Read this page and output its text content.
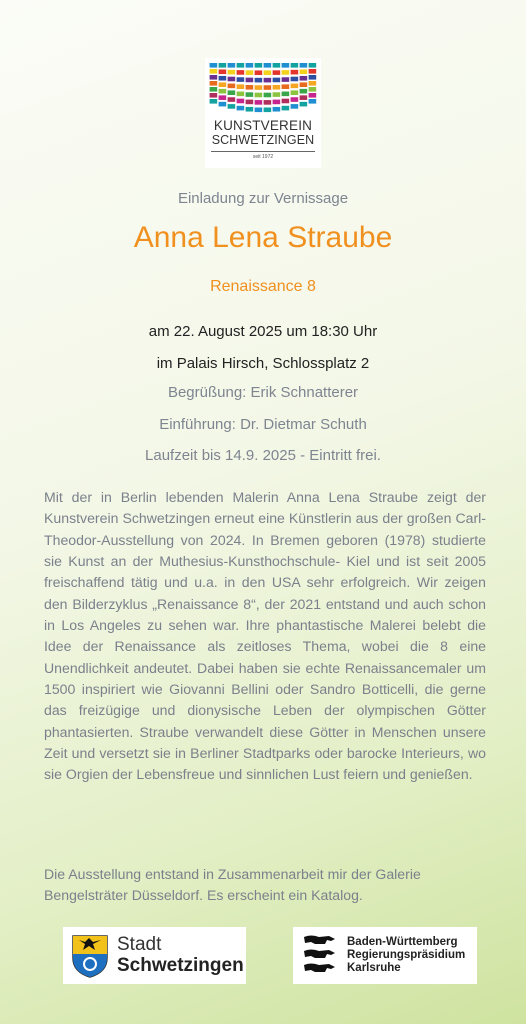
KUNSTVEREIN
SCHWETZINGEN
seit 1972
Einladung zur Vernissage
Anna Lena Straube
Renaissance 8
am 22. August 2025 um 18:30 Uhr
im Palais Hirsch, Schlossplatz 2
Begrüßung: Erik Schnatterer
Einführung: Dr. Dietmar Schuth
Laufzeit bis 14.9. 2025 - Eintritt frei.

Mit der in Berlin lebenden Malerin Anna Lena Straube zeigt der Kunstverein Schwetzingen erneut eine Künstlerin aus der großen Carl-Theodor-Ausstellung von 2024. In Bremen geboren (1978) studierte sie Kunst an der Muthesius-Kunsthochschule- Kiel und ist seit 2005 freischaffend tätig und u.a. in den USA sehr erfolgreich. Wir zeigen den Bilderzyklus „Renaissance 8“, der 2021 entstand und auch schon in Los Angeles zu sehen war. Ihre phantastische Malerei belebt die Idee der Renaissance als zeitloses Thema, wobei die 8 eine Unendlichkeit andeutet. Dabei haben sie echte Renaissancemaler um 1500 inspiriert wie Giovanni Bellini oder Sandro Botticelli, die gerne das freizügige und dionysische Leben der olympischen Götter phantasierten. Straube verwandelt diese Götter in Menschen unsere Zeit und versetzt sie in Berliner Stadtparks oder barocke Interieurs, wo sie Orgien der Lebensfreue und sinnlichen Lust feiern und genießen.

Die Ausstellung entstand in Zusammenarbeit mir der Galerie Bengelsträter Düsseldorf. Es erscheint ein Katalog.

Stadt
Schwetzingen
Baden-Württemberg
Regierungspräsidium
Karlsruhe
